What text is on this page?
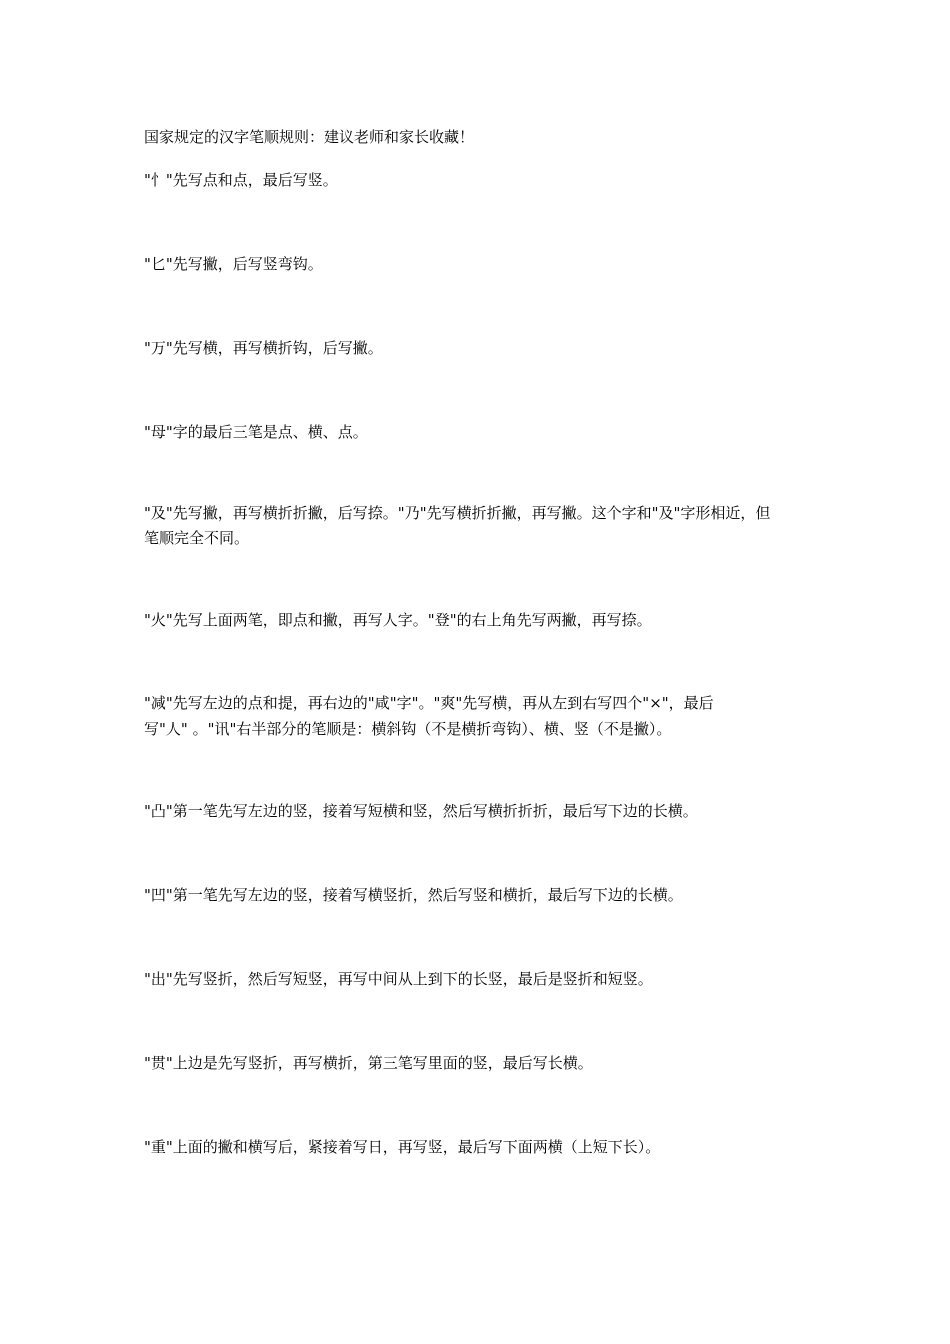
国家规定的汉字笔顺规则：建议老师和家长收藏！
"忄"先写点和点，最后写竖。
"匕"先写撇，后写竖弯钩。
"万"先写横，再写横折钩，后写撇。
"母"字的最后三笔是点、横、点。
"及"先写撇，再写横折折撇，后写捺。"乃"先写横折折撇，再写撇。这个字和"及"字形相近，但
笔顺完全不同。
"火"先写上面两笔，即点和撇，再写人字。"登"的右上角先写两撇，再写捺。
"减"先写左边的点和提，再右边的"咸"字"。"爽"先写横，再从左到右写四个"×"，最后
写"人" 。"讯"右半部分的笔顺是：横斜钩（不是横折弯钩）、横、竖（不是撇）。
"凸"第一笔先写左边的竖，接着写短横和竖，然后写横折折折，最后写下边的长横。
"凹"第一笔先写左边的竖，接着写横竖折，然后写竖和横折，最后写下边的长横。
"出"先写竖折，然后写短竖，再写中间从上到下的长竖，最后是竖折和短竖。
"贯"上边是先写竖折，再写横折，第三笔写里面的竖，最后写长横。
"重"上面的撇和横写后，紧接着写日，再写竖，最后写下面两横（上短下长）。
